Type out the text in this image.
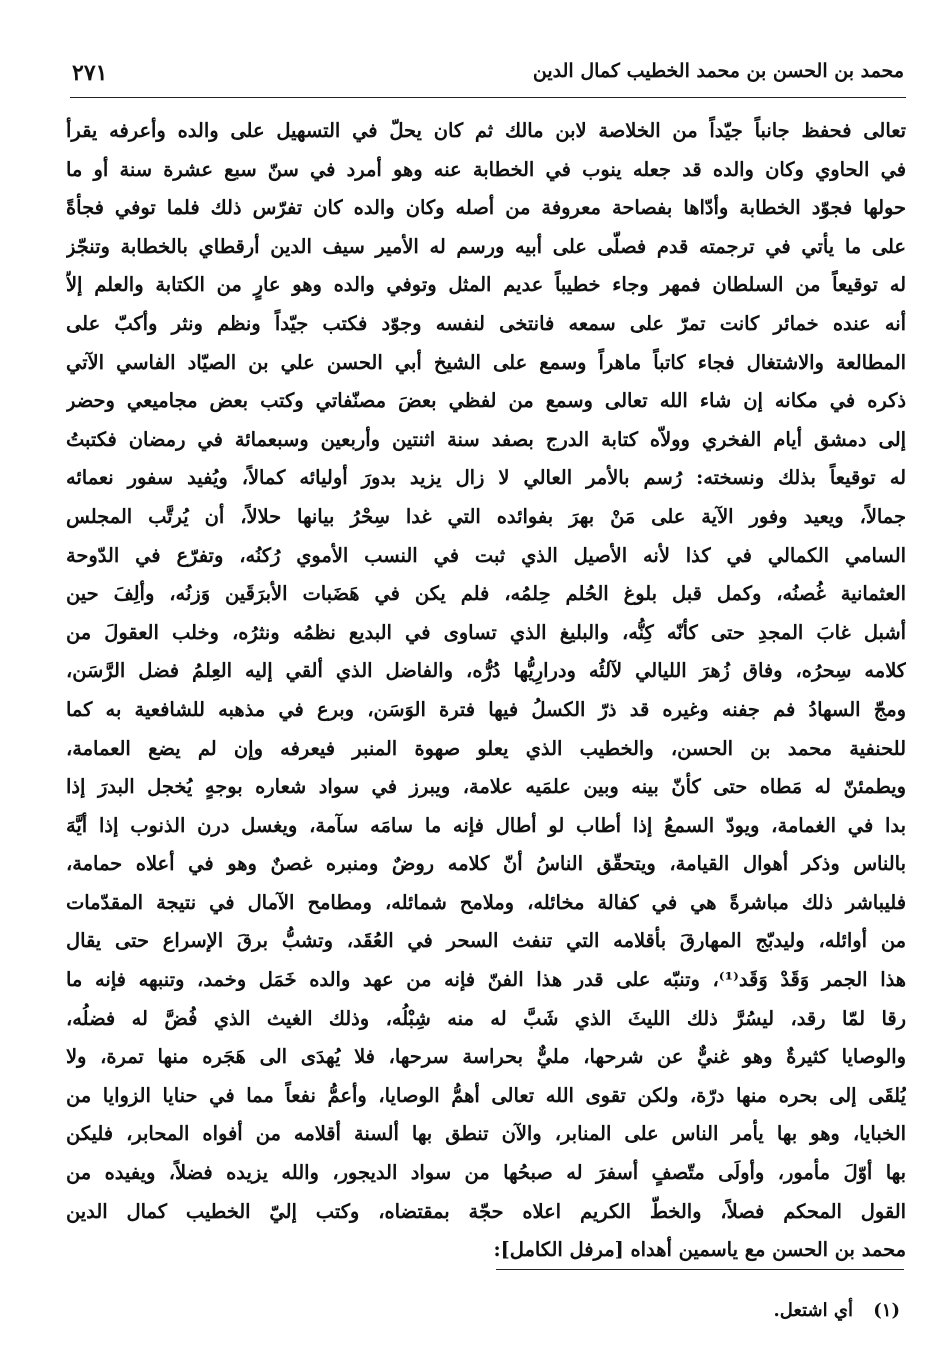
محمد بن الحسن بن محمد الخطيب كمال الدين
٢٧١
تعالى فحفظ جانباً جيّداً من الخلاصة لابن مالك ثم كان يحلّ في التسهيل على والده وأعرفه يقرأ
في الحاوي وكان والده قد جعله ينوب في الخطابة عنه وهو أمرد في سنّ سبع عشرة سنة أو ما
حولها فجوّد الخطابة وأدّاها بفصاحة معروفة من أصله وكان والده كان تفرّس ذلك فلما توفي فجأةً
على ما يأتي في ترجمته قدم فصلّى على أبيه ورسم له الأمير سيف الدين أرقطاي بالخطابة وتنجّز
له توقيعاً من السلطان فمهر وجاء خطيباً عديم المثل وتوفي والده وهو عارٍ من الكتابة والعلم إلاّ
أنه عنده خمائر كانت تمرّ على سمعه فانتخى لنفسه وجوّد فكتب جيّداً ونظم ونثر وأكبّ على
المطالعة والاشتغال فجاء كاتباً ماهراً وسمع على الشيخ أبي الحسن علي بن الصيّاد الفاسي الآتي
ذكره في مكانه إن شاء الله تعالى وسمع من لفظي بعضَ مصنّفاتي وكتب بعض مجاميعي وحضر
إلى دمشق أيام الفخري وولاّه كتابة الدرج بصفد سنة اثنتين وأربعين وسبعمائة في رمضان فكتبتُ
له توقيعاً بذلك ونسخته: رُسم بالأمر العالي لا زال يزيد بدورَ أوليائه كمالاً، ويُفيد سفور نعمائه
جمالاً، ويعيد وفور الآية على مَنْ بهرَ بفوائده التي غدا سِحْرُ بيانها حلالاً، أن يُرتَّب المجلس
السامي الكمالي في كذا لأنه الأصيل الذي ثبت في النسب الأموي رُكنُه، وتفرّع في الدّوحة
العثمانية غُصنُه، وكمل قبل بلوغ الحُلم حِلمُه، فلم يكن في هَضَبات الأبرَقَين وَزنُه، وألِفَ حين
أشبل غابَ المجدِ حتى كأنّه كِنُّه، والبليغ الذي تساوى في البديع نظمُه ونثرُه، وخلب العقولَ من
كلامه سِحرُه، وفاق زُهرَ الليالي لآلئُه ودرارِيُّها دُرُّه، والفاضل الذي ألقي إليه العِلمُ فضل الرَّسَن،
ومجّ السهادُ فم جفنه وغيره قد ذرّ الكسلُ فيها فترة الوَسَن، وبرع في مذهبه للشافعية به كما
للحنفية محمد بن الحسن، والخطيب الذي يعلو صهوة المنبر فيعرفه وإن لم يضع العمامة،
ويطمئنّ له مَطاه حتى كأنّ بينه وبين علمَيه علامة، ويبرز في سواد شعاره بوجهٍ يُخجل البدرَ إذا
بدا في الغمامة، ويودّ السمعُ إذا أطاب لو أطال فإنه ما سامَه سآمة، ويغسل درن الذنوب إذا أيَّهَ
بالناس وذكر أهوال القيامة، ويتحقّق الناسُ أنّ كلامه روضٌ ومنبره غصنٌ وهو في أعلاه حمامة،
فليباشر ذلك مباشرةً هي في كفالة مخائله، وملامح شمائله، ومطامح الآمال في نتيجة المقدّمات
من أوائله، وليدبّج المهارقَ بأقلامه التي تنفث السحر في العُقَد، وتشبُّ برقَ الإسراع حتى يقال
هذا الجمر وَقَدْ وَقَد⁽¹⁾، وتنبّه على قدر هذا الفنّ فإنه من عهد والده خَمَل وخمد، وتنبهه فإنه ما
رقا لمّا رقد، ليسُرَّ ذلك الليثَ الذي شَبَّ له منه شِبْلُه، وذلك الغيث الذي فُضَّ له فضلُه،
والوصايا كثيرةٌ وهو غنيٌّ عن شرحها، مليٌّ بحراسة سرحها، فلا يُهدَى الى هَجَره منها تمرة، ولا
يُلقَى إلى بحره منها درّة، ولكن تقوى الله تعالى أهمُّ الوصايا، وأعمُّ نفعاً مما في حنايا الزوايا من
الخبايا، وهو بها يأمر الناس على المنابر، والآن تنطق بها ألسنة أقلامه من أفواه المحابر، فليكن
بها أوّلَ مأمور، وأولَى متّصفٍ أسفرَ له صبحُها من سواد الديجور، والله يزيده فضلاً، ويفيده من
القول المحكم فصلاً، والخطّ الكريم اعلاه حجّة بمقتضاه، وكتب إليّ الخطيب كمال الدين
محمد بن الحسن مع ياسمين أهداه [مرفل الكامل]:
(١) أي اشتعل.
